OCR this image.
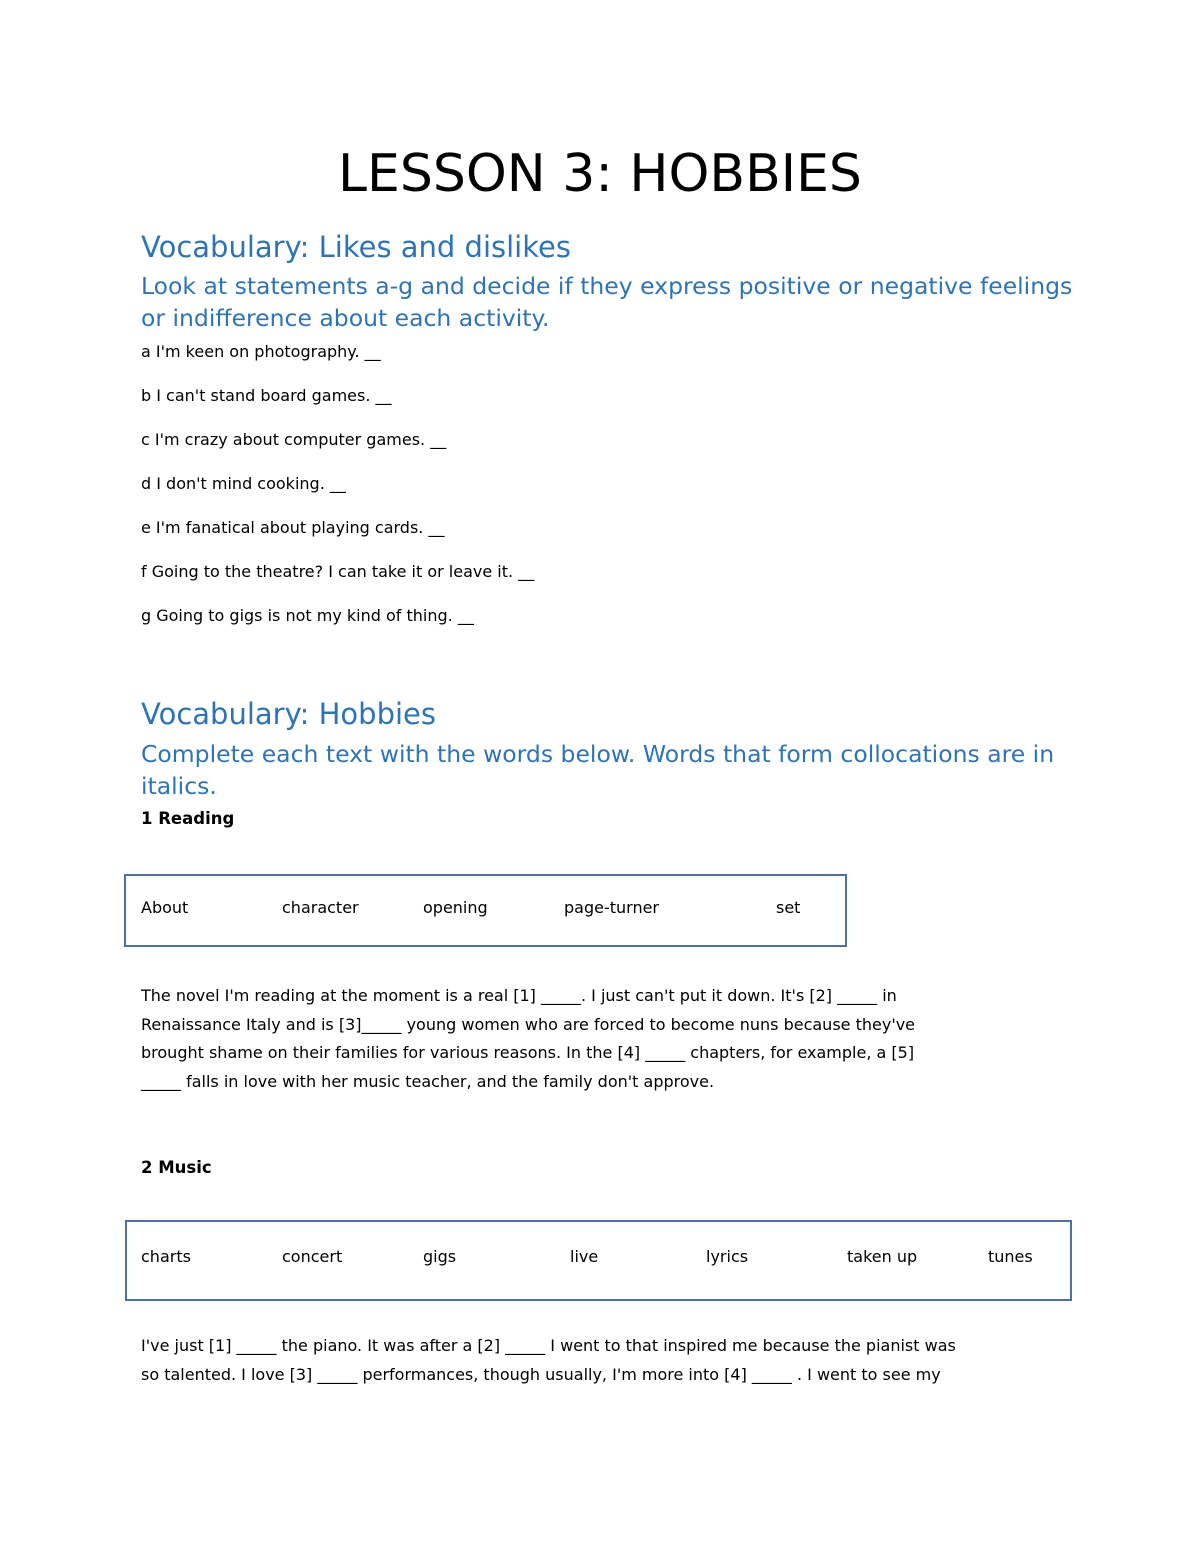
LESSON 3: HOBBIES
Vocabulary: Likes and dislikes

Look at statements a-g and decide if they express positive or negative feelings or indifference about each activity.

a I'm keen on photography. __

b I can't stand board games. __

c I'm crazy about computer games. __

d I don't mind cooking. __

e I'm fanatical about playing cards. __

f Going to the theatre? I can take it or leave it. __

g Going to gigs is not my kind of thing. __

Vocabulary: Hobbies

Complete each text with the words below. Words that form collocations are in italics.

1 Reading

About	character	opening	page-turner	set

The novel I'm reading at the moment is a real [1] _____. I just can't put it down. It's [2] _____ in
Renaissance Italy and is [3]_____ young women who are forced to become nuns because they've
brought shame on their families for various reasons. In the [4] _____ chapters, for example, a [5]
_____ falls in love with her music teacher, and the family don't approve.

2 Music

charts	concert	gigs	live	lyrics	taken up	tunes

I've just [1] _____ the piano. It was after a [2] _____ I went to that inspired me because the pianist was
so talented. I love [3] _____ performances, though usually, I'm more into [4] _____ . I went to see my
